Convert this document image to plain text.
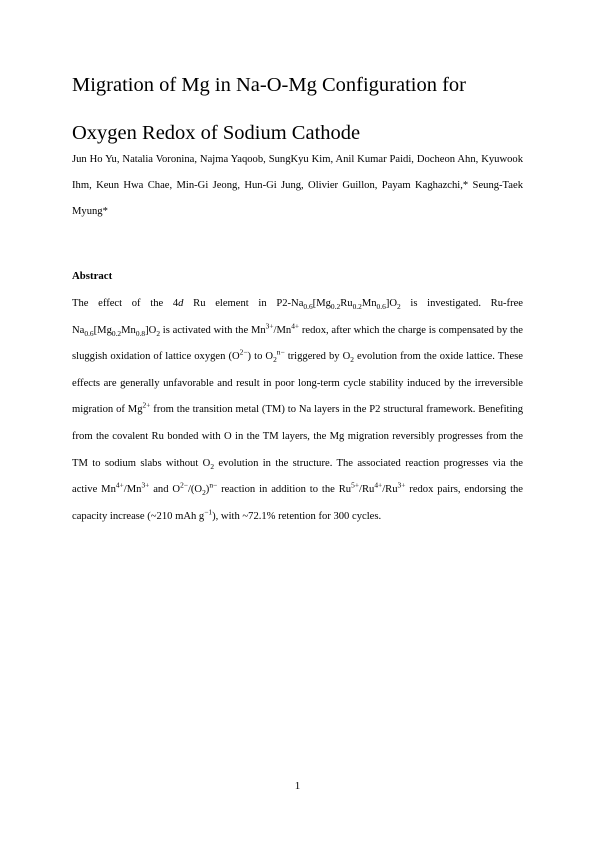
Migration of Mg in Na-O-Mg Configuration for
Oxygen Redox of Sodium Cathode

Jun Ho Yu, Natalia Voronina, Najma Yaqoob, SungKyu Kim, Anil Kumar Paidi, Docheon Ahn, Kyuwook Ihm, Keun Hwa Chae, Min-Gi Jeong, Hun-Gi Jung, Olivier Guillon, Payam Kaghazchi,* Seung-Taek Myung*

Abstract

The effect of the 4d Ru element in $P2-Na_{0.6}[Mg_{0.2}Ru_{0.2}Mn_{0.6}]O_2$ is investigated. Ru-free $Na_{0.6}[Mg_{0.2}Mn_{0.8}]O_2$ is activated with the $Mn^{3+}/Mn^{4+}$ redox, after which the charge is compensated by the sluggish oxidation of lattice oxygen $(O^{2-})$ to $O_2^{n-}$ triggered by $O_2$ evolution from the oxide lattice. These effects are generally unfavorable and result in poor long-term cycle stability induced by the irreversible migration of $Mg^{2+}$ from the transition metal (TM) to Na layers in the P2 structural framework. Benefiting from the covalent Ru bonded with O in the TM layers, the Mg migration reversibly progresses from the TM to sodium slabs without $O_2$ evolution in the structure. The associated reaction progresses via the active $Mn^{4+}/Mn^{3+}$ and $O^{2-}/(O_2)^{n-}$ reaction in addition to the $Ru^{5+}/Ru^{4+}/Ru^{3+}$ redox pairs, endorsing the capacity increase (~210 mAh $g^{-1}$), with ~72.1% retention for 300 cycles.

1
